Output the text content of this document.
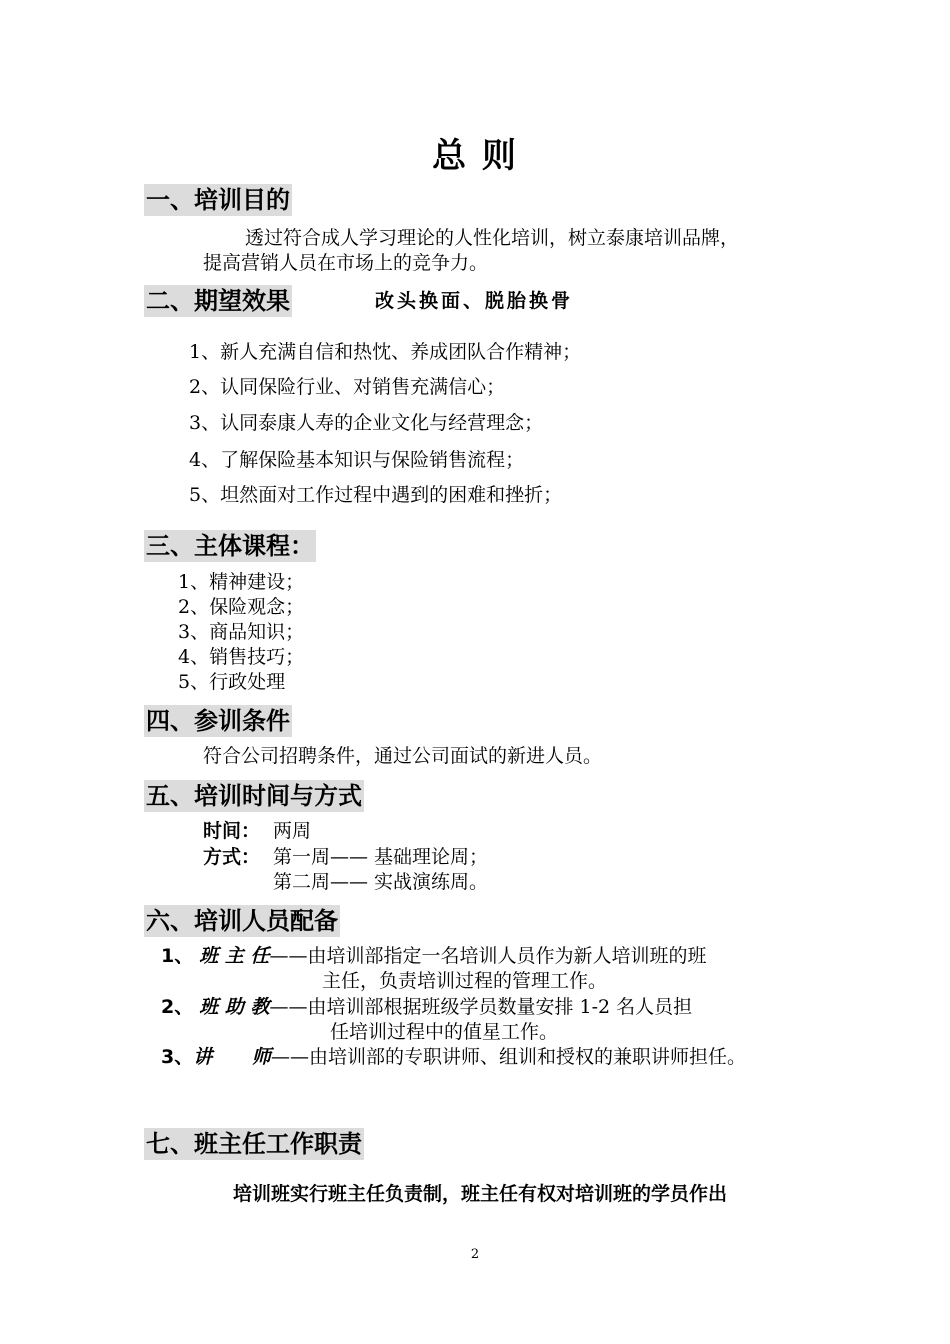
总 则
一、培训目的
透过符合成人学习理论的人性化培训，树立泰康培训品牌，
提高营销人员在市场上的竞争力。
二、期望效果	改头换面、脱胎换骨
1、新人充满自信和热忱、养成团队合作精神；
2、认同保险行业、对销售充满信心；
3、认同泰康人寿的企业文化与经营理念；
4、了解保险基本知识与保险销售流程；
5、坦然面对工作过程中遇到的困难和挫折；
三、主体课程：
1、精神建设；
2、保险观念；
3、商品知识；
4、销售技巧；
5、行政处理
四、参训条件
符合公司招聘条件，通过公司面试的新进人员。
五、培训时间与方式
时间： 两周
方式： 第一周—— 基础理论周；
第二周—— 实战演练周。
六、培训人员配备
1、 班 主 任——由培训部指定一名培训人员作为新人培训班的班
主任，负责培训过程的管理工作。
2、 班 助 教——由培训部根据班级学员数量安排 1-2 名人员担
任培训过程中的值星工作。
3、讲      师——由培训部的专职讲师、组训和授权的兼职讲师担任。
七、班主任工作职责
培训班实行班主任负责制，班主任有权对培训班的学员作出
2
